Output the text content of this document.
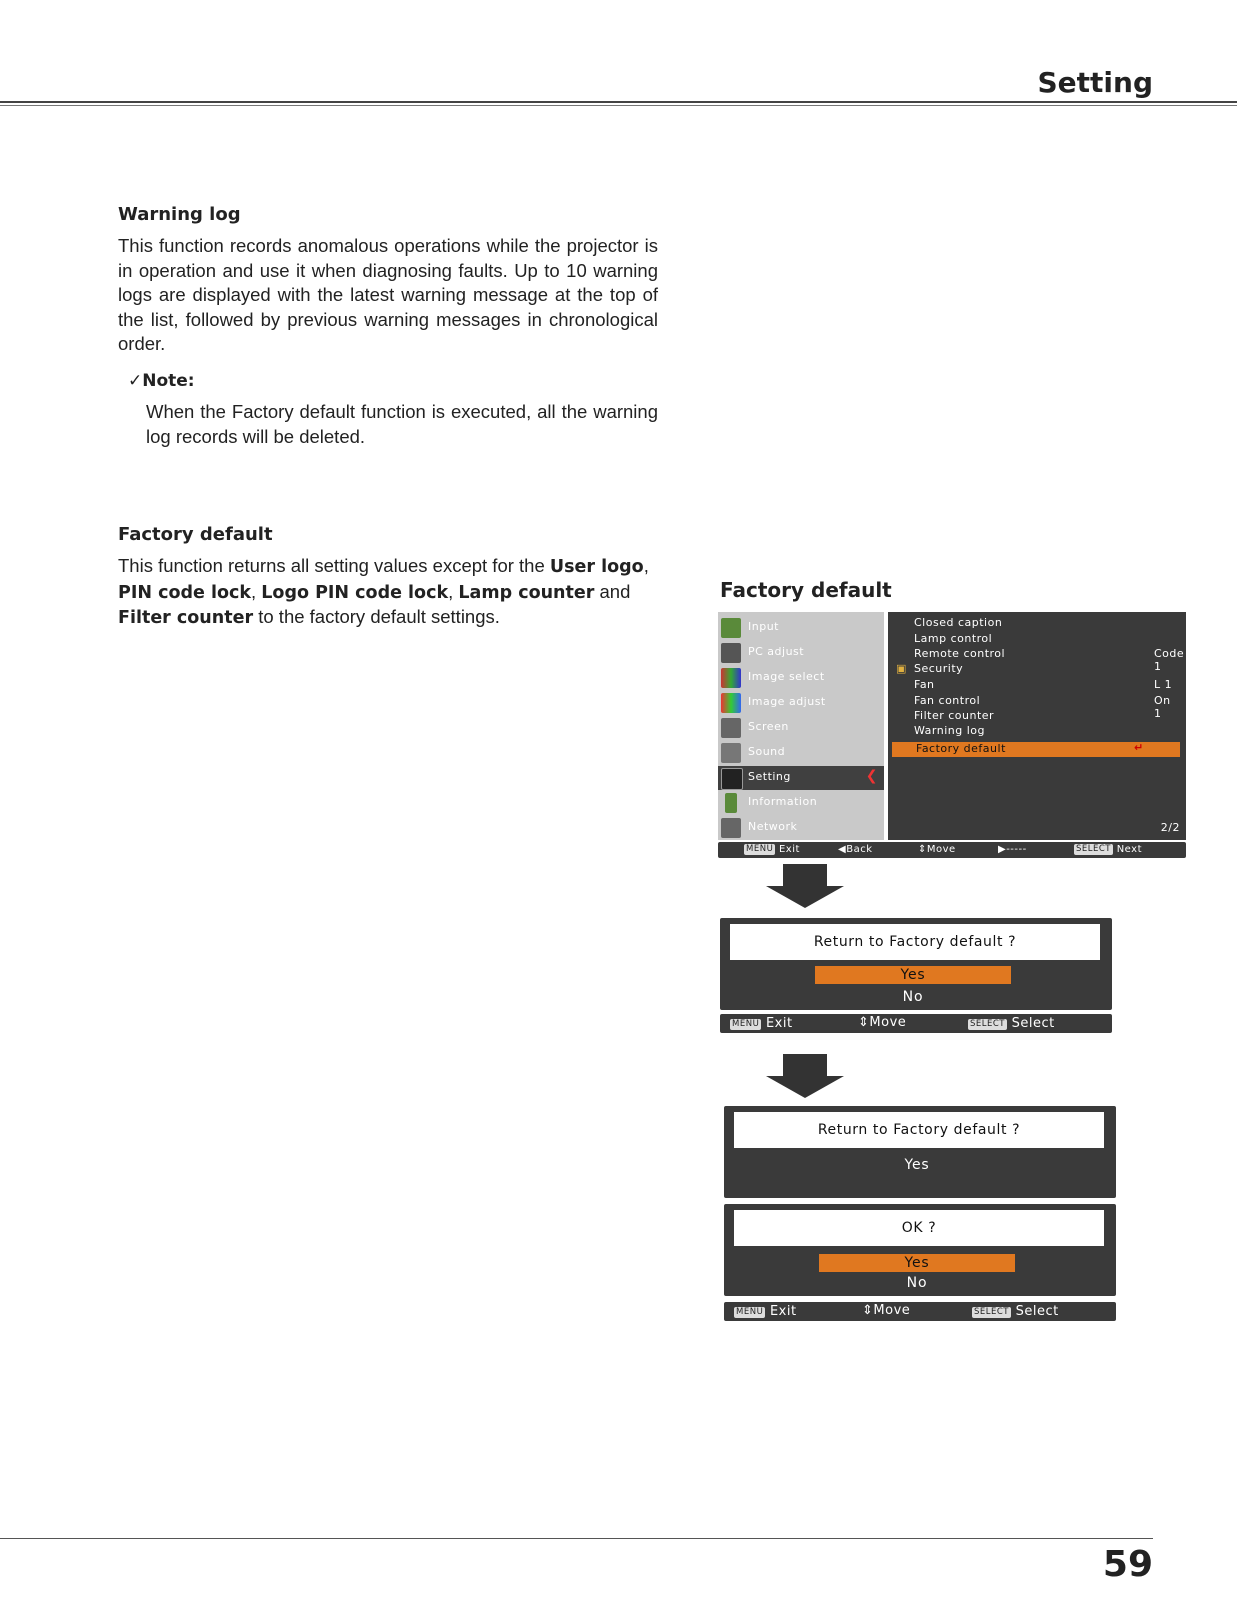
Setting
Warning log
This function records anomalous operations while the projector is in operation and use it when diagnosing faults. Up to 10 warning logs are displayed with the latest warning message at the top of the list, followed by previous warning messages in chronological order.
✓Note:
When the Factory default function is executed, all the warning log records will be deleted.
Factory default
This function returns all setting values except for the User logo, PIN code lock, Logo PIN code lock, Lamp counter and Filter counter to the factory default settings.
Factory default
Input
PC adjust
Image select
Image adjust
Screen
Sound
Setting	❮
Information
Network
Closed caption
Lamp control
Remote control	Code 1
▣ Security
Fan	L 1
Fan control	On 1
Filter counter
Warning log
Factory default	↵
2/2
MENU Exit	◀Back	⇕Move	▶-----	SELECT Next
Return to Factory default ?
Yes
No
MENU Exit	⇕Move	SELECT Select
Return to Factory default ?
Yes
OK ?
Yes
No
MENU Exit	⇕Move	SELECT Select
59
